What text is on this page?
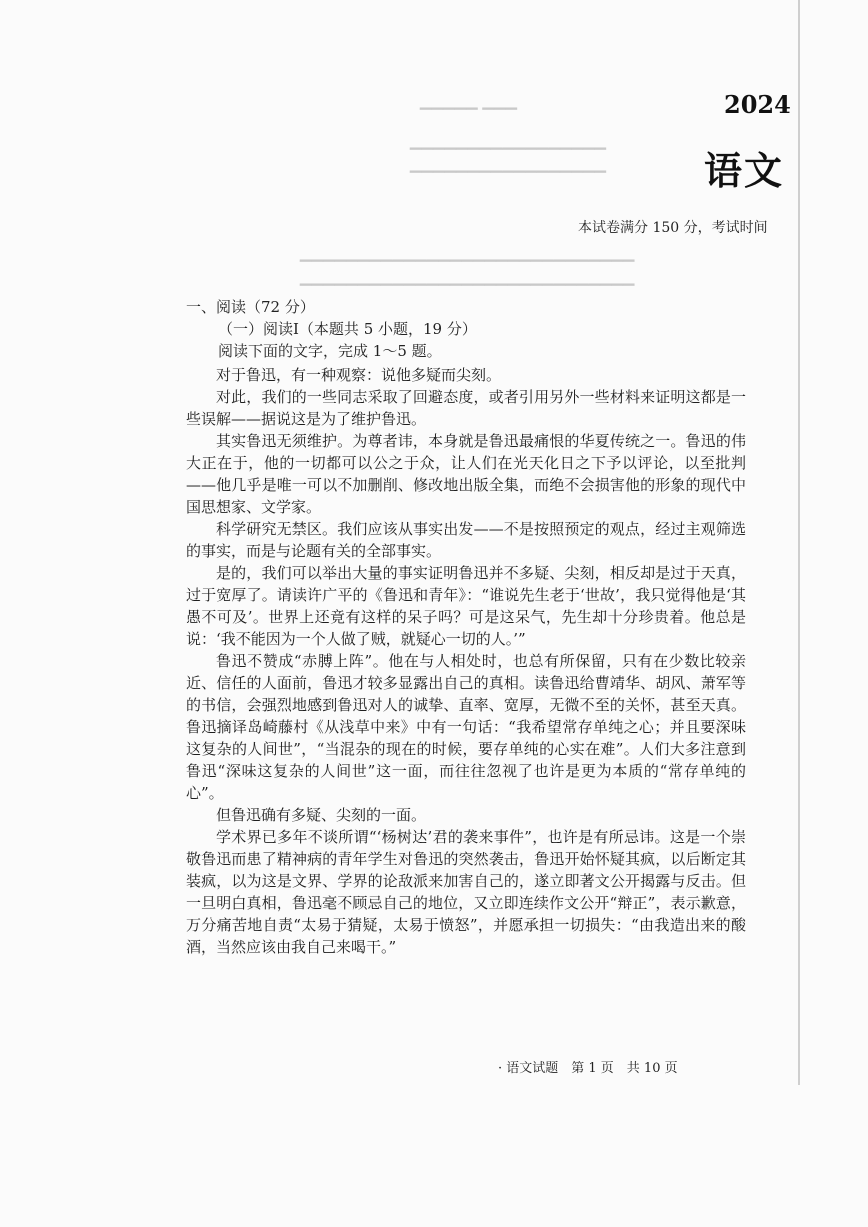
▁▁▁ ▁▁▁▁▁
▁▁▁▁▁▁▁▁▁▁▁▁▁▁▁▁▁
▁▁▁▁▁▁▁▁▁▁▁▁▁▁▁▁▁
▁▁▁▁▁▁▁▁▁▁▁▁▁▁▁▁▁▁▁▁▁▁▁▁▁▁▁▁▁
▁▁▁▁▁▁▁▁▁▁▁▁▁▁▁▁▁▁▁▁▁▁▁▁▁▁▁▁▁
2024
语文
本试卷满分 150 分，考试时间
一、阅读（72 分）
（一）阅读Ⅰ（本题共 5 小题，19 分）
阅读下面的文字，完成 1～5 题。

对于鲁迅，有一种观察：说他多疑而尖刻。

对此，我们的一些同志采取了回避态度，或者引用另外一些材料来证明这都是一些误解——据说这是为了维护鲁迅。

其实鲁迅无须维护。为尊者讳，本身就是鲁迅最痛恨的华夏传统之一。鲁迅的伟大正在于，他的一切都可以公之于众，让人们在光天化日之下予以评论，以至批判——他几乎是唯一可以不加删削、修改地出版全集，而绝不会损害他的形象的现代中国思想家、文学家。

科学研究无禁区。我们应该从事实出发——不是按照预定的观点，经过主观筛选的事实，而是与论题有关的全部事实。

是的，我们可以举出大量的事实证明鲁迅并不多疑、尖刻，相反却是过于天真，过于宽厚了。请读许广平的《鲁迅和青年》：“谁说先生老于‘世故’，我只觉得他是‘其愚不可及’。世界上还竟有这样的呆子吗？可是这呆气，先生却十分珍贵着。他总是说：‘我不能因为一个人做了贼，就疑心一切的人。’”

鲁迅不赞成“赤膊上阵”。他在与人相处时，也总有所保留，只有在少数比较亲近、信任的人面前，鲁迅才较多显露出自己的真相。读鲁迅给曹靖华、胡风、萧军等的书信，会强烈地感到鲁迅对人的诚挚、直率、宽厚，无微不至的关怀，甚至天真。鲁迅摘译岛崎藤村《从浅草中来》中有一句话：“我希望常存单纯之心；并且要深味这复杂的人间世”，“当混杂的现在的时候，要存单纯的心实在难”。人们大多注意到鲁迅“深味这复杂的人间世”这一面，而往往忽视了也许是更为本质的“常存单纯的心”。

但鲁迅确有多疑、尖刻的一面。

学术界已多年不谈所谓“‘杨树达’君的袭来事件”，也许是有所忌讳。这是一个崇敬鲁迅而患了精神病的青年学生对鲁迅的突然袭击，鲁迅开始怀疑其疯，以后断定其装疯，以为这是文界、学界的论敌派来加害自己的，遂立即著文公开揭露与反击。但一旦明白真相，鲁迅毫不顾忌自己的地位，又立即连续作文公开“辩正”，表示歉意，万分痛苦地自责“太易于猜疑，太易于愤怒”，并愿承担一切损失：“由我造出来的酸酒，当然应该由我自己来喝干。”

· 语文试题　第 1 页　共 10 页
